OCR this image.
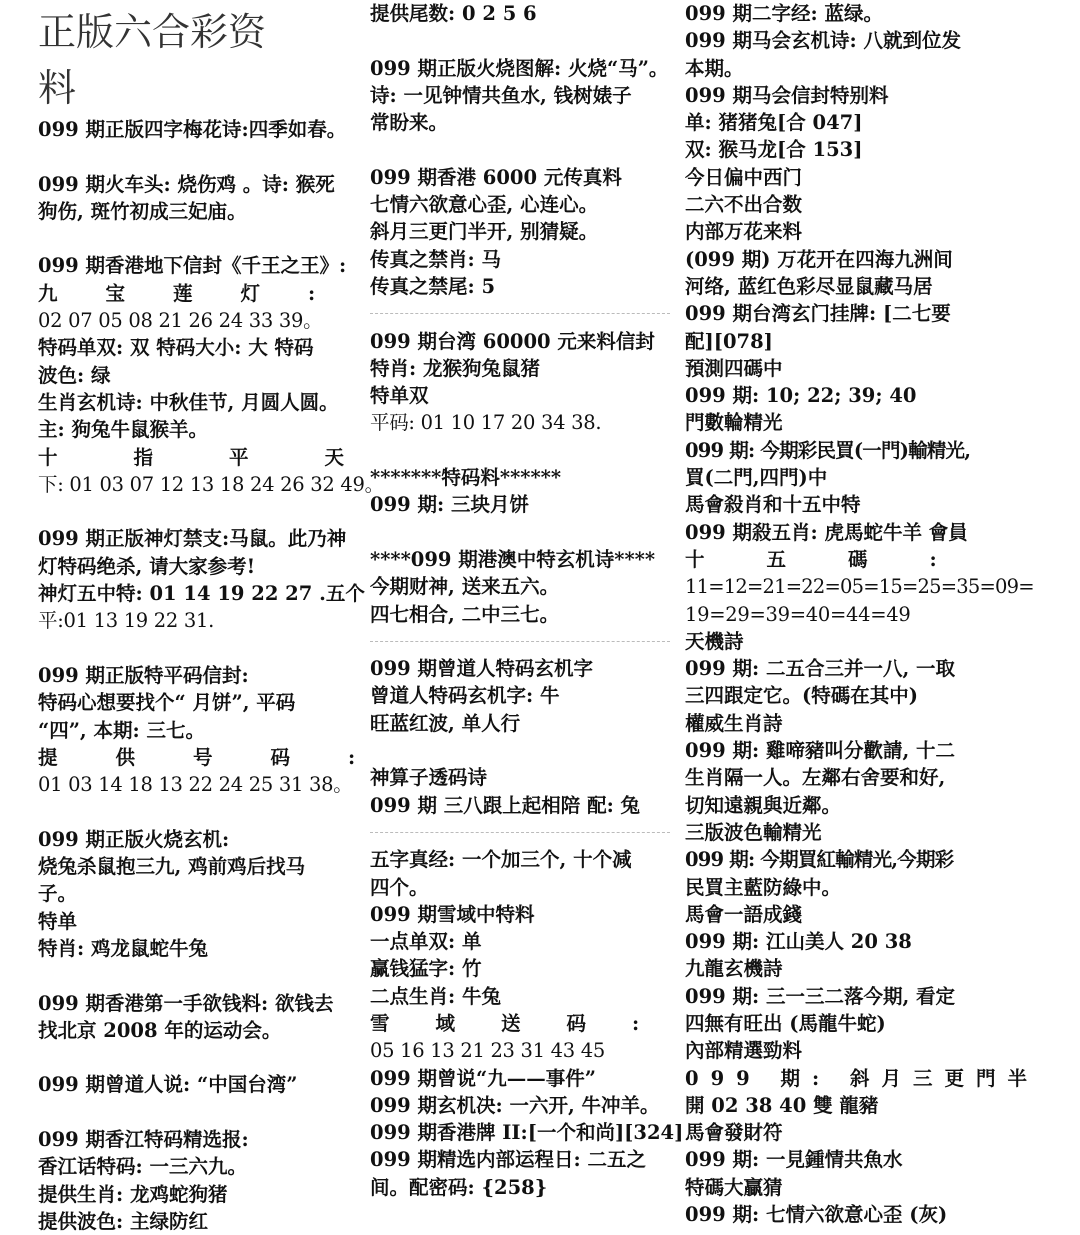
正版六合彩资
料
099 期正版四字梅花诗:四季如春。
099 期火车头: 烧伤鸡 。诗: 猴死
狗伤, 斑竹初成三妃庙。
099 期香港地下信封《千王之王》:
九宝莲灯:
02 07 05 08 21 26 24 33 39。
特码单双: 双 特码大小: 大 特码
波色: 绿
生肖玄机诗: 中秋佳节, 月圆人圆。
主: 狗兔牛鼠猴羊。
十指平天
下: 01 03 07 12 13 18 24 26 32 49。
099 期正版神灯禁支:马鼠。此乃神
灯特码绝杀, 请大家参考!
神灯五中特: 01 14 19 22 27 .五个
平:01 13 19 22 31.
099 期正版特平码信封:
特码心想要找个“ 月饼”, 平码
“四”, 本期: 三七。
提供号码:
01 03 14 18 13 22 24 25 31 38。
099 期正版火烧玄机:
烧兔杀鼠抱三九, 鸡前鸡后找马
子。
特单
特肖: 鸡龙鼠蛇牛兔
099 期香港第一手欲钱料: 欲钱去
找北京 2008 年的运动会。
099 期曾道人说: “中国台湾”
099 期香江特码精选报:
香江话特码: 一三六九。
提供生肖: 龙鸡蛇狗猪
提供波色: 主绿防红
提供尾数: 0 2 5 6
099 期正版火烧图解: 火烧“马”。
诗: 一见钟情共鱼水, 钱树婊子
常盼来。
099 期香港 6000 元传真料
七情六欲意心歪, 心连心。
斜月三更门半开, 别猜疑。
传真之禁肖: 马
传真之禁尾: 5
099 期台湾 60000 元来料信封
特肖: 龙猴狗兔鼠猪
特单双
平码: 01 10 17 20 34 38.
*******特码料******
099 期: 三块月饼
****099 期港澳中特玄机诗****
今期财神, 送来五六。
四七相合, 二中三七。
099 期曾道人特码玄机字
曾道人特码玄机字: 牛
旺蓝红波, 单人行
神算子透码诗
099 期 三八跟上起相陪 配: 兔
五字真经: 一个加三个, 十个减
四个。
099 期雪域中特料
一点单双: 单
赢钱猛字: 竹
二点生肖: 牛兔
雪域送码:
05 16 13 21 23 31 43 45
099 期曾说“九——事件”
099 期玄机决: 一六开, 牛冲羊。
099 期香港牌 II:[一个和尚][324]
099 期精选内部运程日: 二五之
间。配密码: {258}
099 期二字经: 蓝绿。
099 期马会玄机诗: 八就到位发
本期。
099 期马会信封特别料
单: 猪猪兔[合 047]
双: 猴马龙[合 153]
今日偏中西门
二六不出合数
内部万花来料
(099 期) 万花开在四海九洲间
河络, 蓝红色彩尽显鼠藏马居
099 期台湾玄门挂牌: [二七要
配][078]
預測四碼中
099 期: 10; 22; 39; 40
門數輪精光
099 期: 今期彩民買(一門)輸精光,
買(二門,四門)中
馬會殺肖和十五中特
099 期殺五肖: 虎馬蛇牛羊 會員
十五碼:
11=12=21=22=05=15=25=35=09=
19=29=39=40=44=49
天機詩
099 期: 二五合三并一八, 一取
三四跟定它。(特碼在其中)
權威生肖詩
099 期: 雞啼豬叫分歡請, 十二
生肖隔一人。左鄰右舍要和好,
切知遠親與近鄰。
三版波色輸精光
099 期: 今期買紅輸精光,今期彩
民買主藍防綠中。
馬會一語成錢
099 期: 江山美人 20 38
九龍玄機詩
099 期: 三一三二落今期, 看定
四無有旺出 (馬龍牛蛇)
內部精選勁料
099 期: 斜月三更門半
開 02 38 40 雙 龍豬
馬會發財符
099 期: 一見鍾情共魚水
特碼大贏猜
099 期: 七情六欲意心歪 (灰)
